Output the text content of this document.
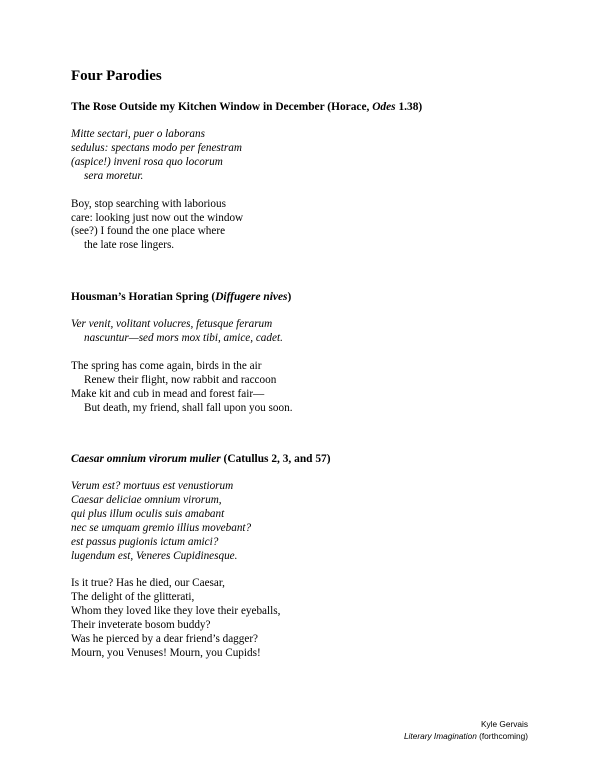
Four Parodies
The Rose Outside my Kitchen Window in December (Horace, Odes 1.38)

Mitte sectari, puer o laborans
sedulus: spectans modo per fenestram
(aspice!) inveni rosa quo locorum
sera moretur.

Boy, stop searching with laborious
care: looking just now out the window
(see?) I found the one place where
the late rose lingers.

Housman’s Horatian Spring (Diffugere nives)

Ver venit, volitant volucres, fetusque ferarum
nascuntur—sed mors mox tibi, amice, cadet.

The spring has come again, birds in the air
Renew their flight, now rabbit and raccoon
Make kit and cub in mead and forest fair—
But death, my friend, shall fall upon you soon.

Caesar omnium virorum mulier (Catullus 2, 3, and 57)

Verum est? mortuus est venustiorum
Caesar deliciae omnium virorum,
qui plus illum oculis suis amabant
nec se umquam gremio illius movebant?
est passus pugionis ictum amici?
lugendum est, Veneres Cupidinesque.

Is it true? Has he died, our Caesar,
The delight of the glitterati,
Whom they loved like they love their eyeballs,
Their inveterate bosom buddy?
Was he pierced by a dear friend’s dagger?
Mourn, you Venuses! Mourn, you Cupids!

Kyle Gervais
Literary Imagination (forthcoming)
